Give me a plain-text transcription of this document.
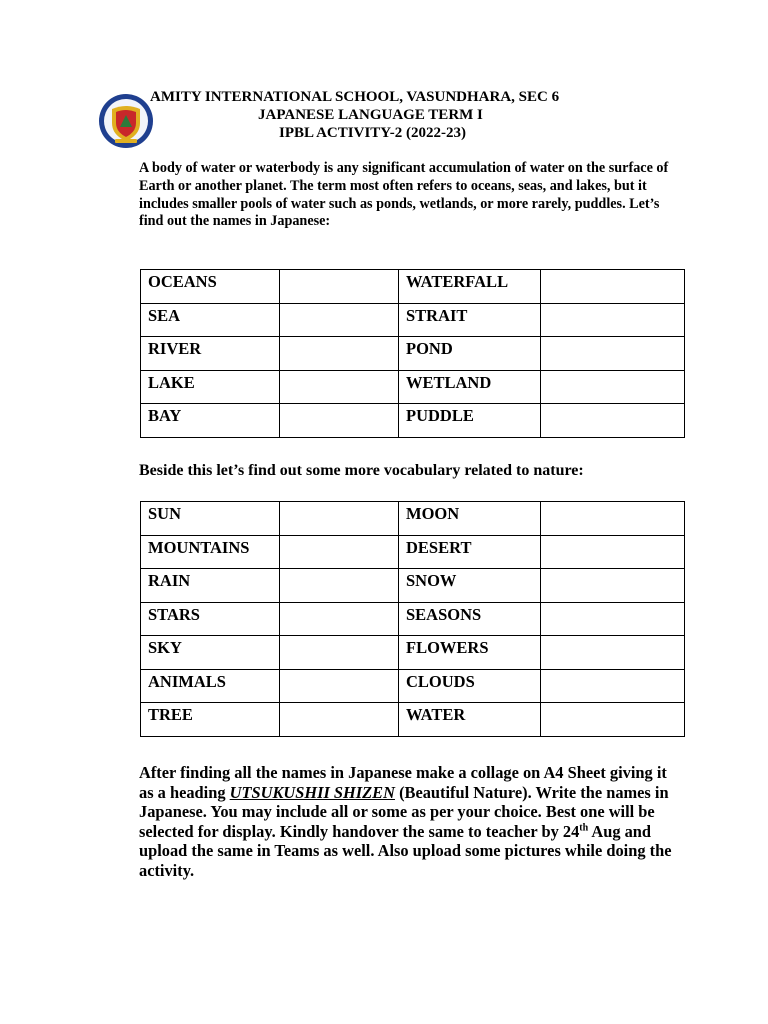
AMITY INTERNATIONAL SCHOOL, VASUNDHARA, SEC 6
JAPANESE LANGUAGE TERM I
IPBL ACTIVITY-2 (2022-23)
A body of water or waterbody is any significant accumulation of water on the surface of Earth or another planet. The term most often refers to oceans, seas, and lakes, but it includes smaller pools of water such as ponds, wetlands, or more rarely, puddles. Let’s find out the names in Japanese:
OCEANS		WATERFALL	
SEA		STRAIT	
RIVER		POND	
LAKE		WETLAND	
BAY		PUDDLE	
Beside this let’s find out some more vocabulary related to nature:
SUN		MOON	
MOUNTAINS		DESERT	
RAIN		SNOW	
STARS		SEASONS	
SKY		FLOWERS	
ANIMALS		CLOUDS	
TREE		WATER	
After finding all the names in Japanese make a collage on A4 Sheet giving it as a heading UTSUKUSHII SHIZEN (Beautiful Nature). Write the names in Japanese. You may include all or some as per your choice. Best one will be selected for display. Kindly handover the same to teacher by 24th Aug and upload the same in Teams as well. Also upload some pictures while doing the activity.
